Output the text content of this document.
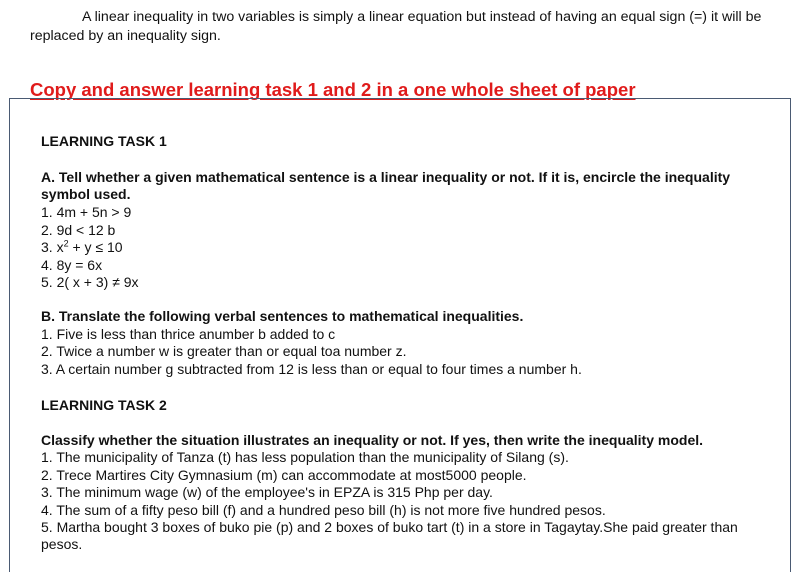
A linear inequality in two variables is simply a linear equation but instead of having an equal sign (=) it will be replaced by an inequality sign.

Copy and answer learning task 1 and 2 in a one whole sheet of paper

LEARNING TASK 1

A. Tell whether a given mathematical sentence is a linear inequality or not. If it is, encircle the inequality symbol used.

1. 4m + 5n > 9

2. 9d < 12 b

3. $x^2 + y \le 10$

4. 8y = 6x

5. 2( x + 3) ≠ 9x

B. Translate the following verbal sentences to mathematical inequalities.

1. Five is less than thrice anumber b added to c

2. Twice a number w is greater than or equal toa number z.

3. A certain number g subtracted from 12 is less than or equal to four times a number h.

LEARNING TASK 2

Classify whether the situation illustrates an inequality or not. If yes, then write the inequality model.

1. The municipality of Tanza (t) has less population than the municipality of Silang (s).

2. Trece Martires City Gymnasium (m) can accommodate at most5000 people.

3. The minimum wage (w) of the employee's in EPZA is 315 Php per day.

4. The sum of a fifty peso bill (f) and a hundred peso bill (h) is not more five hundred pesos.

5. Martha bought 3 boxes of buko pie (p) and 2 boxes of buko tart (t) in a store in Tagaytay.She paid greater than pesos.
